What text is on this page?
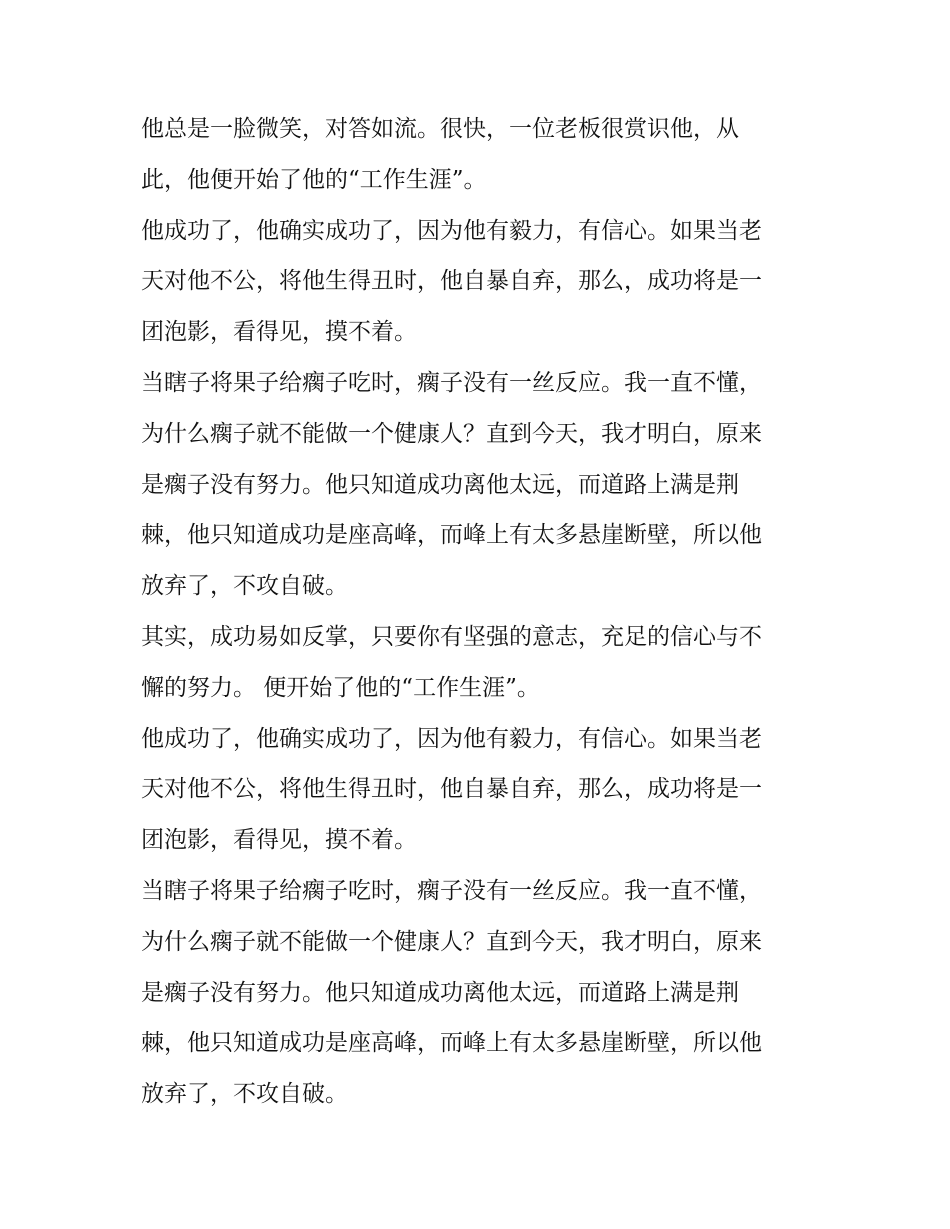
他总是一脸微笑，对答如流。很快，一位老板很赏识他，从
此，他便开始了他的“工作生涯”。
他成功了，他确实成功了，因为他有毅力，有信心。如果当老
天对他不公，将他生得丑时，他自暴自弃，那么，成功将是一
团泡影，看得见，摸不着。
当瞎子将果子给瘸子吃时，瘸子没有一丝反应。我一直不懂，
为什么瘸子就不能做一个健康人？直到今天，我才明白，原来
是瘸子没有努力。他只知道成功离他太远，而道路上满是荆
棘，他只知道成功是座高峰，而峰上有太多悬崖断壁，所以他
放弃了，不攻自破。
其实，成功易如反掌，只要你有坚强的意志，充足的信心与不
懈的努力。 便开始了他的“工作生涯”。
他成功了，他确实成功了，因为他有毅力，有信心。如果当老
天对他不公，将他生得丑时，他自暴自弃，那么，成功将是一
团泡影，看得见，摸不着。
当瞎子将果子给瘸子吃时，瘸子没有一丝反应。我一直不懂，
为什么瘸子就不能做一个健康人？直到今天，我才明白，原来
是瘸子没有努力。他只知道成功离他太远，而道路上满是荆
棘，他只知道成功是座高峰，而峰上有太多悬崖断壁，所以他
放弃了，不攻自破。
